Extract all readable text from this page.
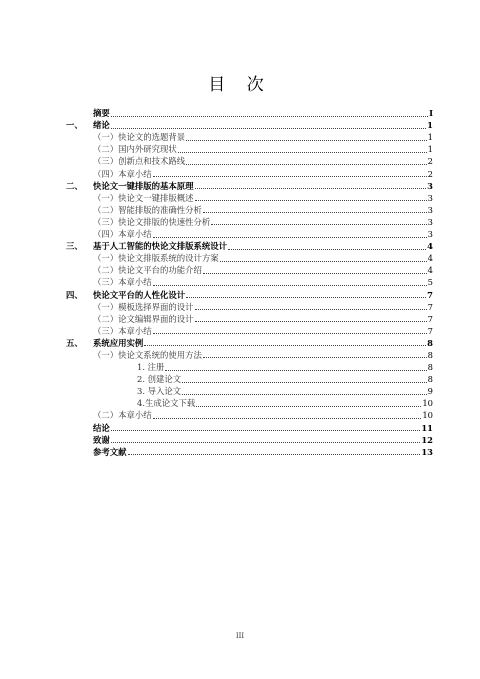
目 次
摘要	I
一、	绪论	1
（一）快论文的选题背景	1
（二）国内外研究现状	1
（三）创新点和技术路线	2
（四）本章小结	2
二、	快论文一键排版的基本原理	3
（一）快论文一键排版概述	3
（二）智能排版的准确性分析	3
（三）快论文排版的快速性分析	3
（四）本章小结	3
三、	基于人工智能的快论文排版系统设计	4
（一）快论文排版系统的设计方案	4
（二）快论文平台的功能介绍	4
（三）本章小结	5
四、	快论文平台的人性化设计	7
（一）模板选择界面的设计	7
（二）论文编辑界面的设计	7
（三）本章小结	7
五、	系统应用实例	8
（一）快论文系统的使用方法	8
1. 注册	8
2. 创建论文	8
3. 导入论文	9
4.生成论文下载	10
（二）本章小结	10
结论	11
致谢	12
参考文献	13
III
